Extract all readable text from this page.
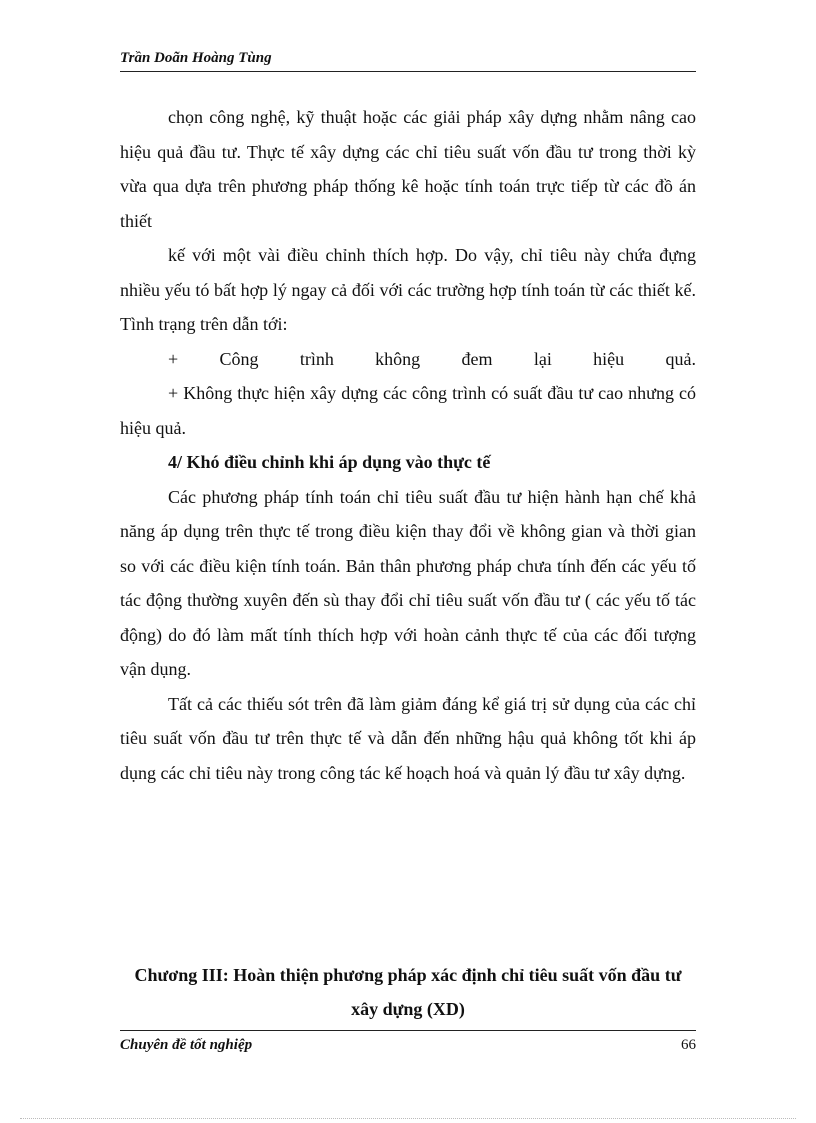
Trần Doãn Hoàng Tùng

chọn công nghệ, kỹ thuật hoặc các giải pháp xây dựng nhằm nâng cao hiệu quả đầu tư. Thực tế xây dựng các chỉ tiêu suất vốn đầu tư trong thời kỳ vừa qua dựa trên phương pháp thống kê hoặc tính toán trực tiếp từ các đồ án thiết

kế với một vài điều chỉnh thích hợp. Do vậy, chỉ tiêu này chứa đựng nhiều yếu tó bất hợp lý ngay cả đối với các trường hợp tính toán từ các thiết kế. Tình trạng trên dẫn tới:

+ Công trình không đem lại hiệu quả.

+ Không thực hiện xây dựng các công trình có suất đầu tư cao nhưng có hiệu quả.

4/ Khó điều chỉnh khi áp dụng vào thực tế

Các phương pháp tính toán chỉ tiêu suất đầu tư hiện hành hạn chế khả năng áp dụng trên thực tế trong điều kiện thay đổi về không gian và thời gian so với các điều kiện tính toán. Bản thân phương pháp chưa tính đến các yếu tố tác động thường xuyên đến sù thay đổi chỉ tiêu suất vốn đầu tư ( các yếu tố tác động) do đó làm mất tính thích hợp với hoàn cảnh thực tế của các đối tượng vận dụng.

Tất cả các thiếu sót trên đã làm giảm đáng kể giá trị sử dụng của các chỉ tiêu suất vốn đầu tư trên thực tế và dẫn đến những hậu quả không tốt khi áp dụng các chỉ tiêu này trong công tác kế hoạch hoá và quản lý đầu tư xây dựng.

Chương III: Hoàn thiện phương pháp xác định chỉ tiêu suất vốn đầu tư
xây dựng (XD)
Chuyên đề tốt nghiệp	66
